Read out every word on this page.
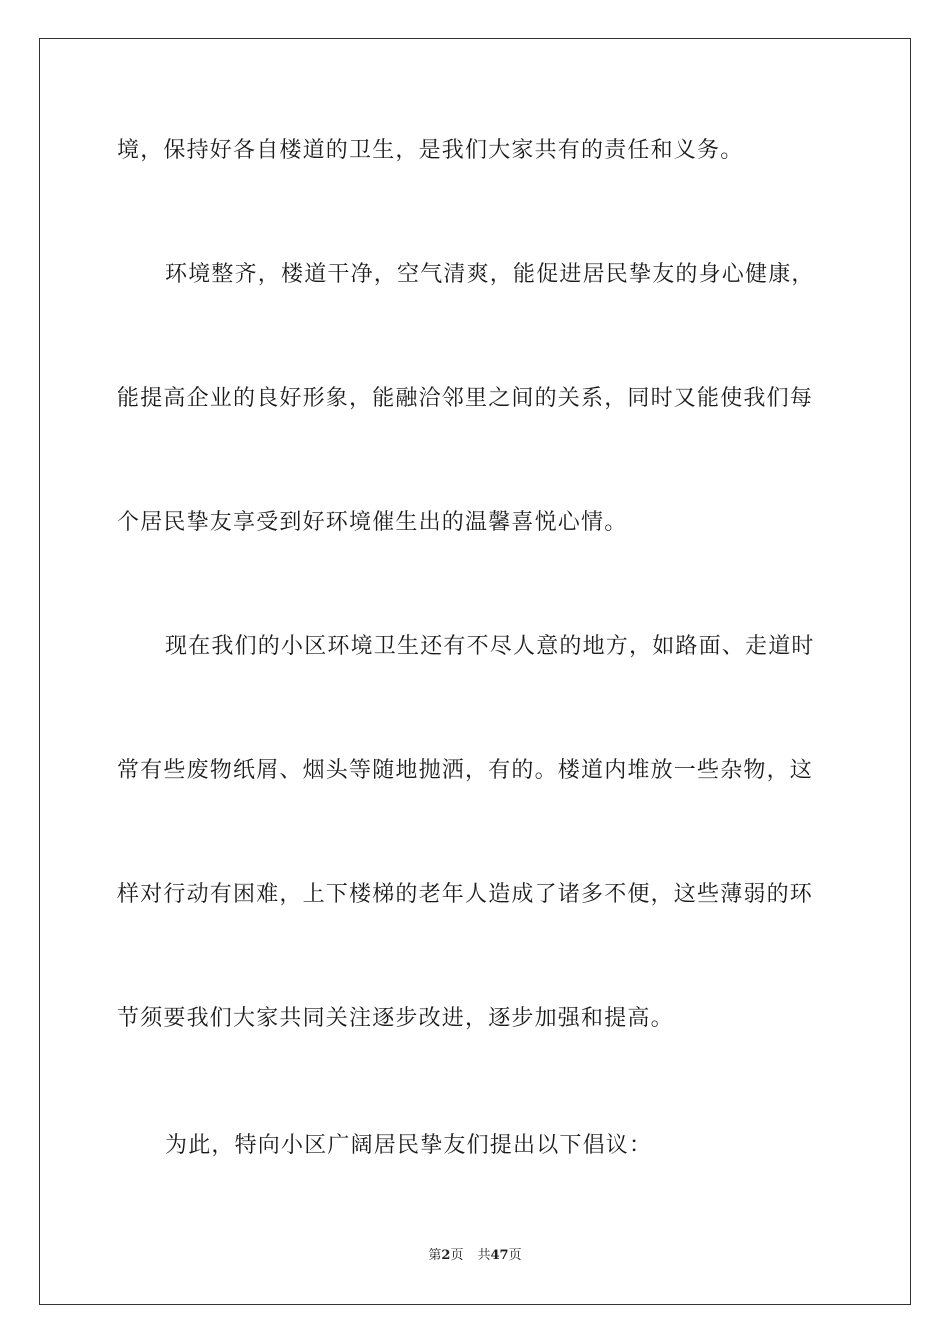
境，保持好各自楼道的卫生，是我们大家共有的责任和义务。
环境整齐，楼道干净，空气清爽，能促进居民挚友的身心健康，
能提高企业的良好形象，能融洽邻里之间的关系，同时又能使我们每
个居民挚友享受到好环境催生出的温馨喜悦心情。
现在我们的小区环境卫生还有不尽人意的地方，如路面、走道时
常有些废物纸屑、烟头等随地抛洒，有的。楼道内堆放一些杂物，这
样对行动有困难，上下楼梯的老年人造成了诸多不便，这些薄弱的环
节须要我们大家共同关注逐步改进，逐步加强和提高。
为此，特向小区广阔居民挚友们提出以下倡议：
第2页 共47页
